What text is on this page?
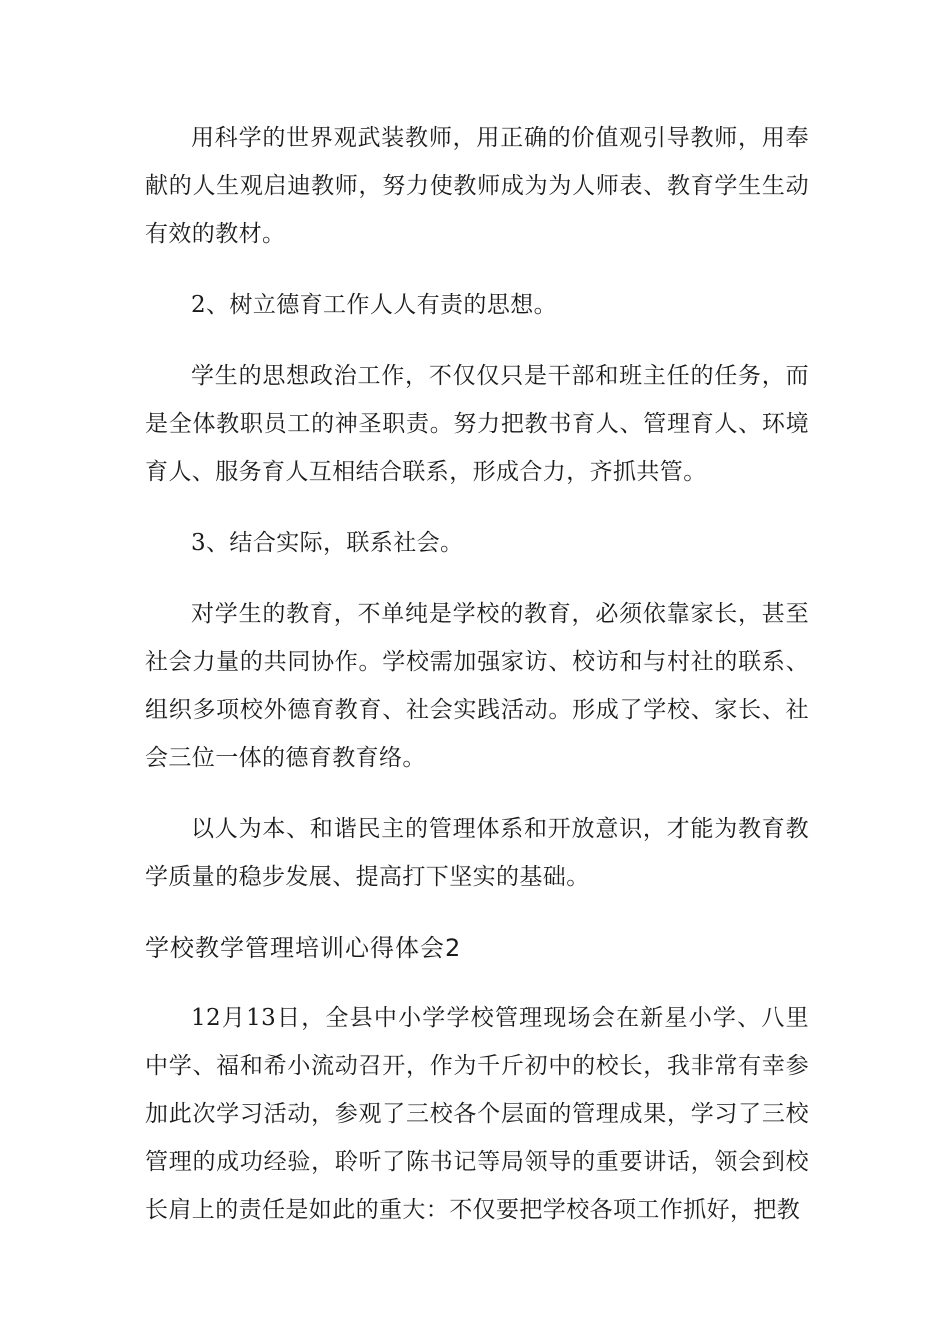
用科学的世界观武装教师，用正确的价值观引导教师，用奉献的人生观启迪教师，努力使教师成为为人师表、教育学生生动有效的教材。

2、树立德育工作人人有责的思想。

学生的思想政治工作，不仅仅只是干部和班主任的任务，而是全体教职员工的神圣职责。努力把教书育人、管理育人、环境育人、服务育人互相结合联系，形成合力，齐抓共管。

3、结合实际，联系社会。

对学生的教育，不单纯是学校的教育，必须依靠家长，甚至社会力量的共同协作。学校需加强家访、校访和与村社的联系、组织多项校外德育教育、社会实践活动。形成了学校、家长、社会三位一体的德育教育络。

以人为本、和谐民主的管理体系和开放意识，才能为教育教学质量的稳步发展、提高打下坚实的基础。

学校教学管理培训心得体会2

12月13日，全县中小学学校管理现场会在新星小学、八里中学、福和希小流动召开，作为千斤初中的校长，我非常有幸参加此次学习活动，参观了三校各个层面的管理成果，学习了三校管理的成功经验，聆听了陈书记等局领导的重要讲话，领会到校长肩上的责任是如此的重大：不仅要把学校各项工作抓好，把教
